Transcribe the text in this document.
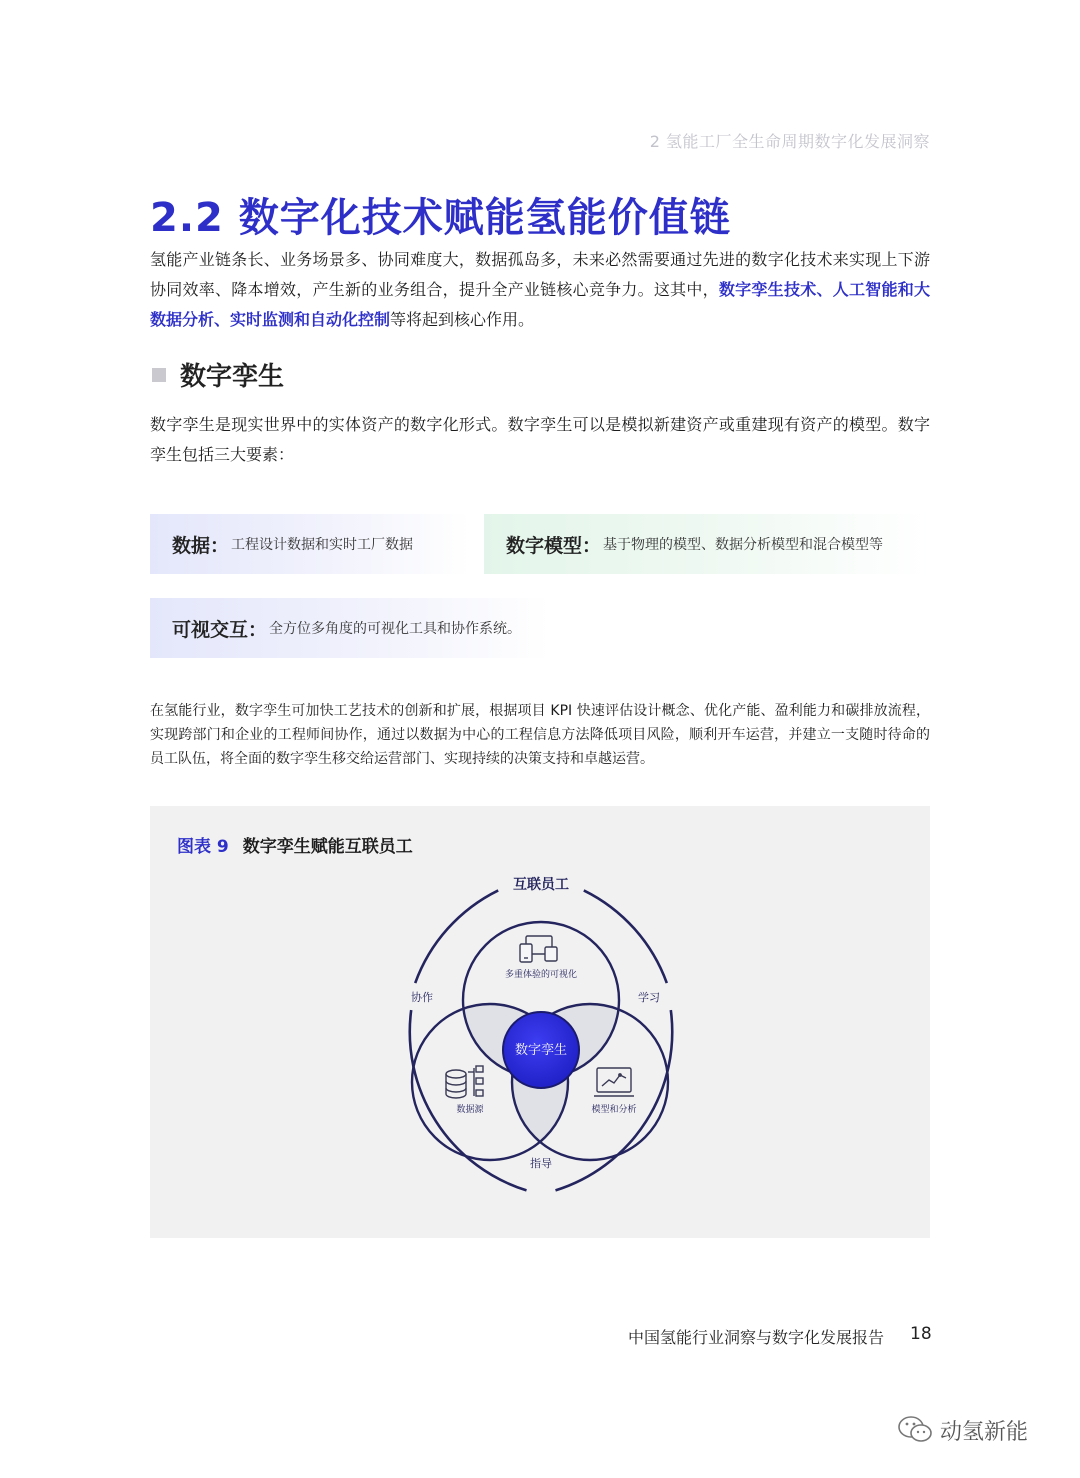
2 氢能工厂全生命周期数字化发展洞察
2.2 数字化技术赋能氢能价值链
氢能产业链条长、业务场景多、协同难度大，数据孤岛多，未来必然需要通过先进的数字化技术来实现上下游协同效率、降本增效，产生新的业务组合，提升全产业链核心竞争力。这其中，数字孪生技术、人工智能和大数据分析、实时监测和自动化控制等将起到核心作用。
数字孪生
数字孪生是现实世界中的实体资产的数字化形式。数字孪生可以是模拟新建资产或重建现有资产的模型。数字孪生包括三大要素：
数据： 工程设计数据和实时工厂数据	数字模型： 基于物理的模型、数据分析模型和混合模型等
可视交互： 全方位多角度的可视化工具和协作系统。
在氢能行业，数字孪生可加快工艺技术的创新和扩展，根据项目 KPI 快速评估设计概念、优化产能、盈利能力和碳排放流程，实现跨部门和企业的工程师间协作，通过以数据为中心的工程信息方法降低项目风险，顺利开车运营，并建立一支随时待命的员工队伍，将全面的数字孪生移交给运营部门、实现持续的决策支持和卓越运营。
图表 9 数字孪生赋能互联员工
数字孪生
互联员工
协作	学习
指导
多重体验的可视化
数据源	模型和分析
中国氢能行业洞察与数字化发展报告 18
动氢新能
